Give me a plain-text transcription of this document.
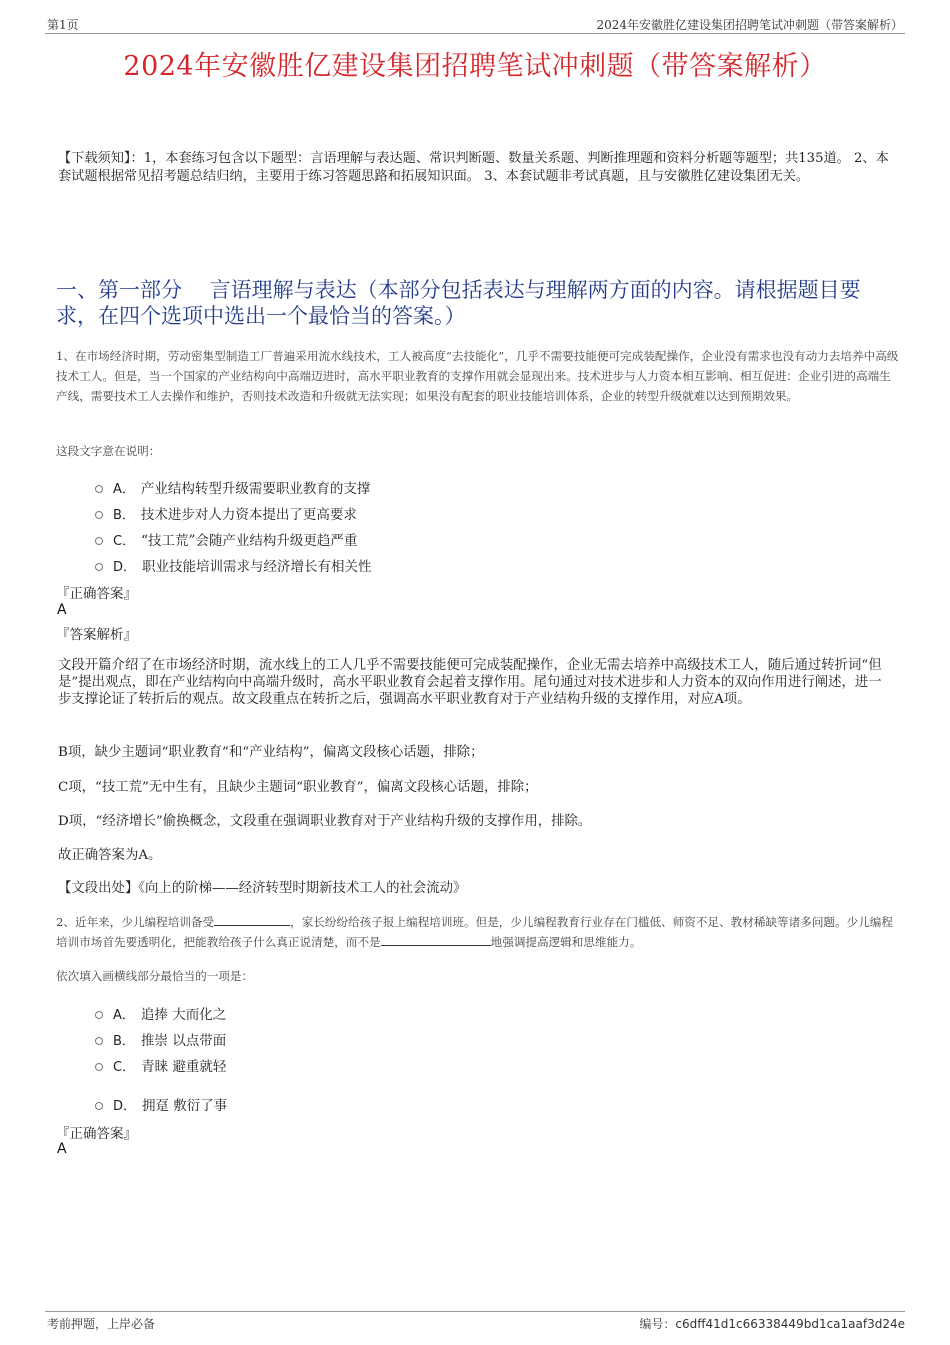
第1页	2024年安徽胜亿建设集团招聘笔试冲刺题（带答案解析）
2024年安徽胜亿建设集团招聘笔试冲刺题（带答案解析）
【下载须知】：1，本套练习包含以下题型：言语理解与表达题、常识判断题、数量关系题、判断推理题和资料分析题等题型；共135道。 2、本套试题根据常见招考题总结归纳，主要用于练习答题思路和拓展知识面。 3、本套试题非考试真题，且与安徽胜亿建设集团无关。
一、第一部分　 言语理解与表达（本部分包括表达与理解两方面的内容。请根据题目要求，在四个选项中选出一个最恰当的答案。）
1、在市场经济时期，劳动密集型制造工厂普遍采用流水线技术，工人被高度“去技能化”，几乎不需要技能便可完成装配操作，企业没有需求也没有动力去培养中高级技术工人。但是，当一个国家的产业结构向中高端迈进时，高水平职业教育的支撑作用就会显现出来。技术进步与人力资本相互影响、相互促进：企业引进的高端生产线，需要技术工人去操作和维护，否则技术改造和升级就无法实现；如果没有配套的职业技能培训体系，企业的转型升级就难以达到预期效果。
这段文字意在说明：
A． 产业结构转型升级需要职业教育的支撑
B． 技术进步对人力资本提出了更高要求
C． “技工荒”会随产业结构升级更趋严重
D． 职业技能培训需求与经济增长有相关性
『正确答案』
A
『答案解析』
文段开篇介绍了在市场经济时期，流水线上的工人几乎不需要技能便可完成装配操作，企业无需去培养中高级技术工人，随后通过转折词“但是”提出观点，即在产业结构向中高端升级时，高水平职业教育会起着支撑作用。尾句通过对技术进步和人力资本的双向作用进行阐述，进一步支撑论证了转折后的观点。故文段重点在转折之后，强调高水平职业教育对于产业结构升级的支撑作用，对应A项。
B项，缺少主题词“职业教育”和“产业结构”，偏离文段核心话题，排除；
C项，“技工荒”无中生有，且缺少主题词“职业教育”，偏离文段核心话题，排除；
D项，“经济增长”偷换概念，文段重在强调职业教育对于产业结构升级的支撑作用，排除。
故正确答案为A。
【文段出处】《向上的阶梯——经济转型时期新技术工人的社会流动》
2、近年来，少儿编程培训备受	，家长纷纷给孩子报上编程培训班。但是，少儿编程教育行业存在门槛低、师资不足、教材稀缺等诸多问题。少儿编程培训市场首先要透明化，把能教给孩子什么真正说清楚，而不是	地强调提高逻辑和思维能力。
依次填入画横线部分最恰当的一项是：
A． 追捧 大而化之
B． 推崇 以点带面
C． 青睐 避重就轻
D． 拥趸 敷衍了事
『正确答案』
A
考前押题，上岸必备	编号：c6dff41d1c66338449bd1ca1aaf3d24e
